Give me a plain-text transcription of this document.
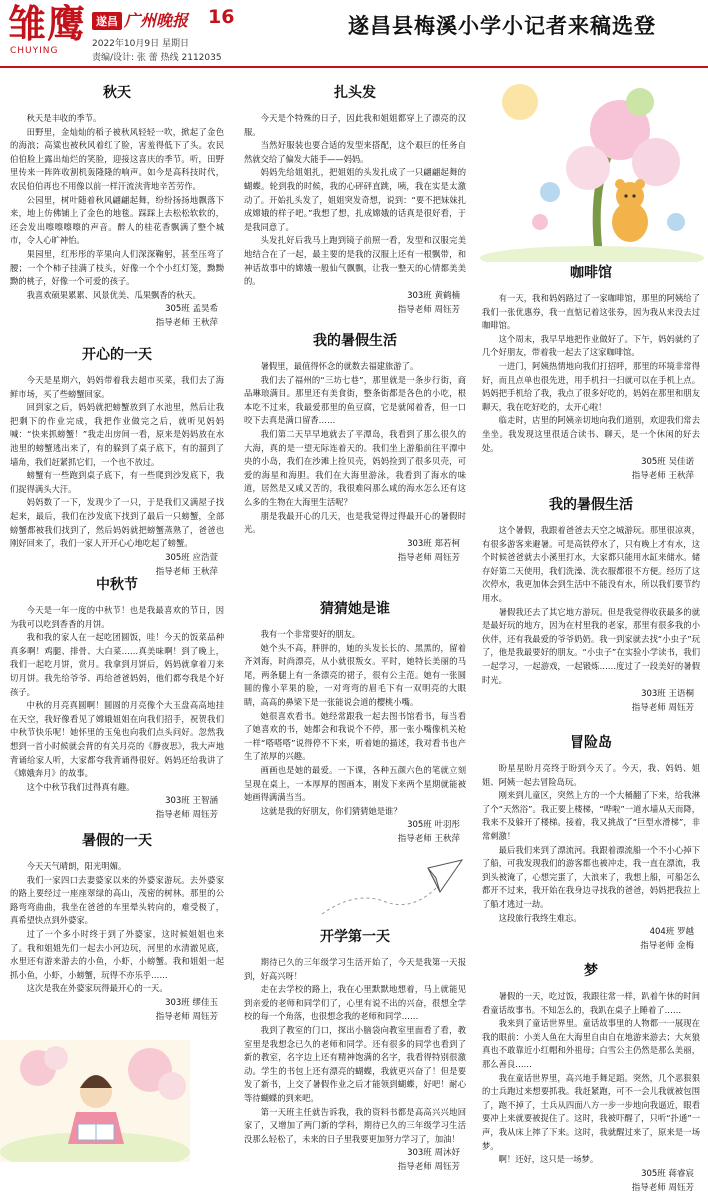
雏鹰
CHUYING
遂昌 广州晚报 16
2022年10月9日 星期日
责编/设计: 张 蕾 热线 2112035
遂昌县梅溪小学小记者来稿选登
秋天

秋天是丰收的季节。

田野里，金灿灿的稻子被秋风轻轻一吹，掀起了金色的海浪；高粱也被秋风着红了脸，害羞得低下了头。农民伯伯脸上露出灿烂的笑脸，迎接这喜庆的季节。听，田野里传来一阵阵收割机轰隆隆的响声。如今是高科技时代，农民伯伯再也不用像以前一样汗流浃背地辛苦劳作。

公园里，树叶随着秋风翩翩起舞，纷纷扬扬地飘落下来，地上仿佛铺上了金色的地毯。踩踩上去松松软软的，还会发出嚓嚓嚓嚓的声音。醉人的桂花香飘满了整个城市，令人心旷神怡。

果园里，红彤彤的苹果向人们深深鞠躬，甚至压弯了腰；一个个柿子挂满了枝头，好像一个个小红灯笼，黝黝黝的桃子，好像一个可爱的孩子。

我喜欢硕果累累、风景优美、瓜果飘香的秋天。

305班 孟昊希
指导老师 王秋萍
开心的一天

今天是星期六，妈妈带着我去超市买菜，我们去了海鲜市场，买了些螃蟹回家。

回到家之后，妈妈就把螃蟹放到了水池里，然后让我把剩下的作业完成，我把作业做完之后，就听见妈妈喊：“快来抓螃蟹！”我走出房间一看，原来是妈妈放在水池里的螃蟹逃出来了，有的躲到了桌子底下，有的溜到了墙角，我们赶紧抓它们，一个也不放过。

螃蟹有一些跑到桌子底下，有一些爬到沙发底下，我们捉得满头大汗。

妈妈数了一下，发现少了一只，于是我们又满屋子找起来，最后，我们在沙发底下找到了最后一只螃蟹，全部螃蟹都被我们找到了，然后妈妈就把螃蟹蒸熟了，爸爸也刚好回来了，我们一家人开开心心地吃起了螃蟹。

305班 应浩萱
指导老师 王秋萍
中秋节

今天是一年一度的中秋节！也是我最喜欢的节日，因为我可以吃到香香的月饼。

我和我的家人在一起吃团圆饭，哇！今天的饭菜品种真多啊！鸡腿、排骨、大白菜……真美味啊！到了晚上，我们一起吃月饼，赏月。我拿到月饼后，妈妈就拿着刀来切月饼。我先给爷爷、再给爸爸妈妈，他们都夸我是个好孩子。

中秋的月亮真圆啊！圆圆的月亮像个大玉盘高高地挂在天空，我好像看见了嫦娥姐姐在向我们招手，祝贺我们中秋节快乐呢！她怀里的玉兔也向我们点头问好。忽然我想到一首小时候就会背的有关月亮的《静夜思》，我大声地背诵给家人听，大家都夸我背诵得很好。妈妈还给我讲了《嫦娥奔月》的故事。

这个中秋节我们过得真有趣。

303班 王智涵
指导老师 周钰芳
暑假的一天

今天天气晴朗，阳光明媚。

我们一家四口去妻婆家以来的外婆家游玩。去外婆家的路上要经过一座座翠绿的高山，茂密的树林。那里的公路弯弯曲曲，我坐在爸爸的车里晕头转向的，难受极了，真希望快点到外婆家。

过了一个多小时终于到了外婆家，这时候姐姐也来了。我和姐姐先们一起去小河边玩，河里的水清澈见底，水里还有游来游去的小鱼，小虾，小螃蟹。我和姐姐一起抓小鱼，小虾，小螃蟹，玩得不亦乐乎……

这次是我在外婆家玩得最开心的一天。

303班 缪佳玉
指导老师 周钰芳
扎头发

今天是个特殊的日子，因此我和姐姐都穿上了漂亮的汉服。

当然好服装也要合适的发型来搭配，这个艰巨的任务自然就交给了偏发大能手——妈妈。

妈妈先给姐姐扎，把姐姐的头发扎成了一只翩翩起舞的蝴蝶。轮到我的时候，我的心砰砰直跳，咦，我在实是太激动了。开始扎头发了，姐姐突发奇想，说到：“要不把妹妹扎成嫦娥的样子吧。”我想了想，扎成嫦娥的话真是很好看，于是我同意了。

头发扎好后我马上跑到镜子前照一看，发型和汉服完美地结合在了一起，最主要的是我的汉服上还有一根飘带，和神话故事中的嫦娥一般仙气飘飘，让我一整天的心情都美美的。

303班 黄鹤楠
指导老师 周钰芳
我的暑假生活

暑假里，最值得怀念的就数去福建旅游了。

我们去了福州的“三坊七巷”，那里就是一条步行街，商品琳琅满目。那里还有美食街，整条街都是各色的小吃，根本吃不过来，我最爱那里的鱼豆腐，它是就闻着香，但一口咬下去真是满口留香……

我们第二天早早地就去了平潭岛，我看到了那么很久的大海，真的是一望无际连着天的。我们坐上游船前往平潭中央的小岛，我们在沙滩上捡贝壳，妈妈捡到了很多贝壳，可爱的海星和海胆。我们在大海里游泳，我看到了海水的味道，居然是又咸又苦的，我很难闷那么咸的海水怎么还有这么多的生物在大海里生活呢？

朋是我最开心的几天，也是我觉得过得最开心的暑假时光。

303班 郑若柯
指导老师 周钰芳
猜猜她是谁

我有一个非常要好的朋友。

她个头不高，胖胖的，她的头发长长的、黑黑的，留着齐刘海，时尚漂亮，从小就很叛女。平时，她特长美丽的马尾，两条腿上有一条漂亮的裙子，很有公主范。她有一张圆圆的像小苹果的脸，一对弯弯的眉毛下有一双明亮的大眼睛，高高的鼻梁下是一张能说会道的樱桃小嘴。

她很喜欢看书。她经常跟我一起去图书馆看书，每当看了她喜欢的书，她都会和我说个不停，那一张小嘴像机关枪一样“嗒嗒嗒”说得停不下来，听着她的描述，我对看书也产生了浓厚的兴趣。

画画也是她的最爱。一下课，各种五颜六色的笔就立刻呈现在桌上，一本厚厚的图画本，刚发下来两个星期就能被她画得满满当当。

这就是我的好朋友，你们猜猜她是谁？

305班 叶羽彤
指导老师 王秋萍
开学第一天

期待已久的三年级学习生活开始了，今天是我第一天报到，好高兴呀！

走在去学校的路上，我在心里默默地想着，马上就能见到亲爱的老师和同学们了，心里有说不出的兴奋，很想全学校的每一个角落，也很想念我的老师和同学……

我到了教室的门口，探出小脑袋向教室里面看了看，教室里是我想念已久的老师和同学。还有很多的同学也看到了新的教室，名字边上还有精神饱满的名字，我看得特别很激动。学生的书包上还有漂亮的蝴蝶，我就更兴奋了！但是要发了新书，上交了暑假作业之后才能领到蝴蝶，好吧！耐心等待蝴蝶的到来吧。

第一天班主任就告诉我，我的资料书都是高高兴兴地回家了，又增加了两门新的学科，期待已久的三年级学习生活没那么轻松了，未来的日子里我要更加努力学习了，加油！

303班 周沐妤
指导老师 周钰芳
咖啡馆

有一天，我和妈妈路过了一家咖啡馆，那里的阿姨给了我们一张优惠券，我一直惦记着这张券，因为我从来没去过咖啡馆。

这个周末，我早早地把作业做好了。下午，妈妈就约了几个好朋友，带着我一起去了这家咖啡馆。

一进门，阿姨热情地向我们打招呼，那里的环境非常得好，而且点单也很先进，用手机扫一扫就可以在手机上点。妈妈把手机给了我，我点了很多好吃的，妈妈在那里和朋友聊天，我在吃好吃的，太开心啦！

临走时，店里的阿姨亲切地向我们道别，欢迎我们常去坐坐。我发现这里很适合读书、聊天，是一个休闲的好去处。

305班 吴佳诺
指导老师 王秋萍
我的暑假生活

这个暑假，我跟着爸爸去天空之城游玩。那里很凉爽，有很多游客来避暑。可是高铁停水了，只有晚上才有水，这个时候爸爸就去小溪里打水，大家都只能用水缸来储水。储存好第二天使用，我们洗澡、洗衣服都很不方便。经历了这次停水，我更加体会到生活中不能没有水，所以我们要节约用水。

暑假我还去了其它地方游玩。但是我觉得收获最多的就是最好玩的地方，因为在村里我的老家，那里有很多我的小伙伴，还有我最爱的爷爷奶奶。我一到家就去找“小虫子”玩了，他是我最要好的朋友。“小虫子”在实验小学读书，我们一起学习，一起游戏，一起锻炼……度过了一段美好的暑假时光。

303班 王语桐
指导老师 周钰芳
冒险岛

盼星星盼月亮终于盼到今天了。今天，我、妈妈、姐姐、阿姨一起去冒险岛玩。

刚来到儿童区，突然上方的一个大桶翻了下来，给我淋了个“天然浴”。我正要上楼梯，“哗啦”一道水墙从天而降，我来不及躲开了楼梯。接着，我又挑战了“巨型水滑梯”，非常刺激！

最后我们来到了漂流河。我跟着漂流船一个不小心掉下了船，可我发现我们的游客都也被冲走，我一直在漂流，我到头被淹了，心想完蛋了，大浪来了，我想上船，可船怎么都开不过来，我开始在我身边寻找我的爸爸，妈妈把我拉上了船才逃过一劫。

这段旅行我终生难忘。

404班 罗越
指导老师 金梅
梦

暑假的一天，吃过饭，我跟往常一样，趴着午休的时间看童话故事书。不知怎么的，我趴在桌子上睡着了……

我来到了童话世界里。童话故事里的人物都一一展现在我的眼前：小美人鱼在大海里自由自在地游来游去；大灰狼真也不敢靠近小红帽和外祖母；白雪公主仍然是那么美丽，那么善良……

我在童话世界里，高兴地手舞足蹈。突然，几个恶狠狠的士兵跑过来想要抓我。我赶紧跑，可不一会儿我就被包围了，跑不掉了，士兵从四面八方一步一步地向我逼近，眼看要冲上来就要被捉住了。这时，我被吓醒了，只听“扑通”一声，我从床上摔了下来。这时，我就醒过来了，原来是一场梦。

啊！还好，这只是一场梦。

305班 蒋睿宸
指导老师 周钰芳
